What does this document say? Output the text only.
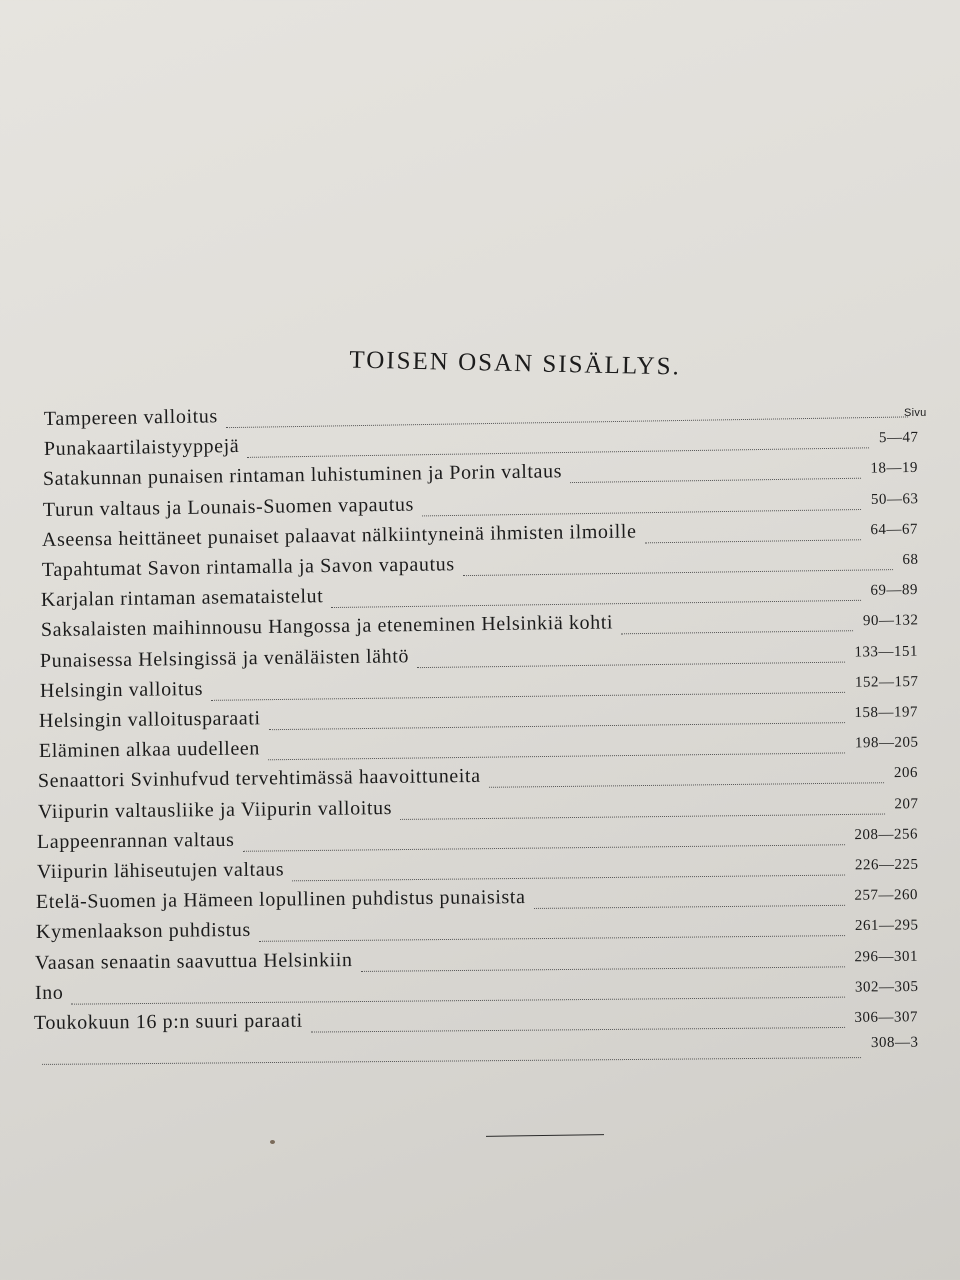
TOISEN OSAN SISÄLLYS.
Sivu
Tampereen valloitus
Punakaartilaistyyppejä	5—47
Satakunnan punaisen rintaman luhistuminen ja Porin valtaus	18—19
Turun valtaus ja Lounais-Suomen vapautus	50—63
Aseensa heittäneet punaiset palaavat nälkiintyneinä ihmisten ilmoille	64—67
Tapahtumat Savon rintamalla ja Savon vapautus	68
Karjalan rintaman asemataistelut	69—89
Saksalaisten maihinnousu Hangossa ja eteneminen Helsinkiä kohti	90—132
Punaisessa Helsingissä ja venäläisten lähtö	133—151
Helsingin valloitus	152—157
Helsingin valloitusparaati	158—197
Eläminen alkaa uudelleen	198—205
Senaattori Svinhufvud tervehtimässä haavoittuneita	206
Viipurin valtausliike ja Viipurin valloitus	207
Lappeenrannan valtaus	208—256
Viipurin lähiseutujen valtaus	226—225
Etelä-Suomen ja Hämeen lopullinen puhdistus punaisista	257—260
Kymenlaakson puhdistus	261—295
Vaasan senaatin saavuttua Helsinkiin	296—301
Ino	302—305
Toukokuun 16 p:n suuri paraati	306—307
308—3
